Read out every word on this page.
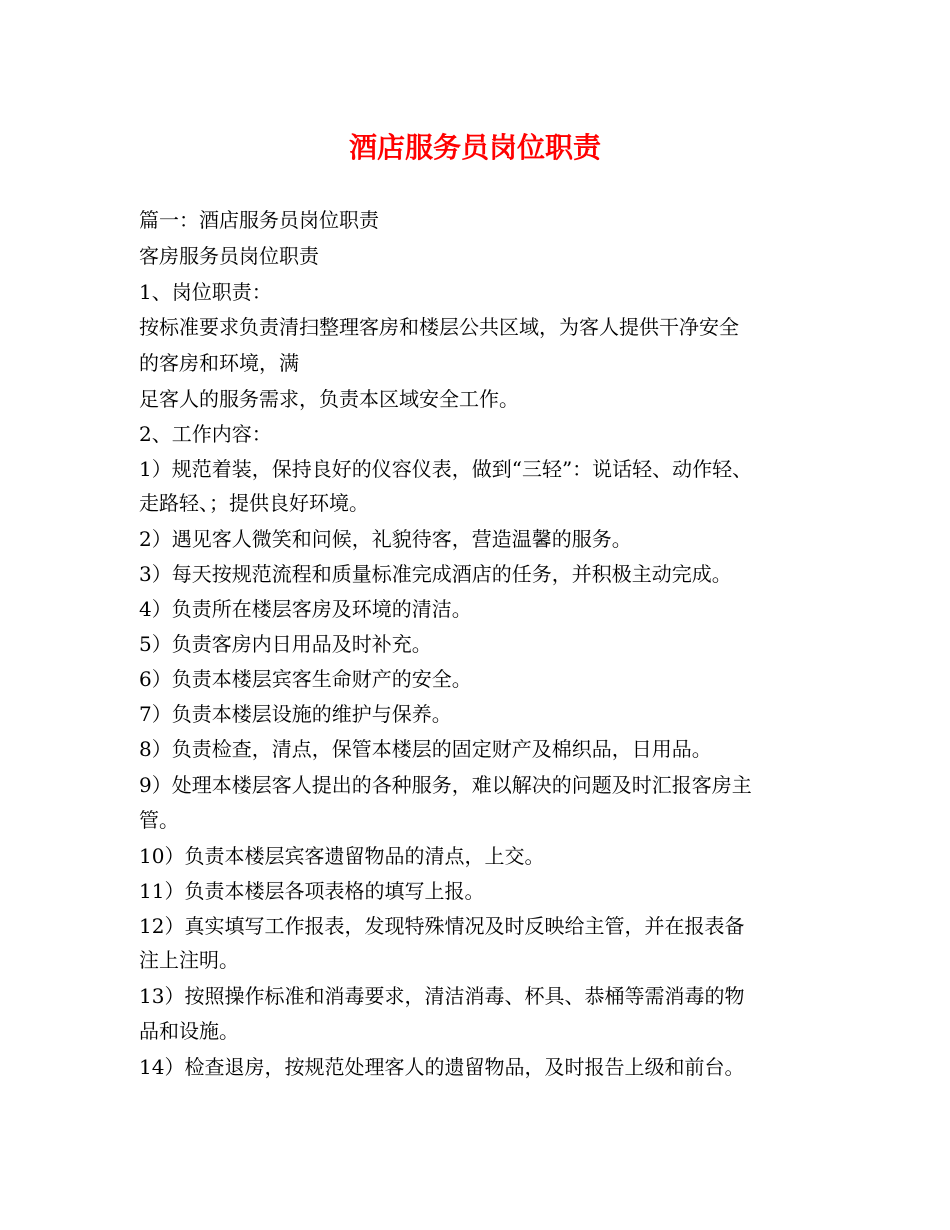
酒店服务员岗位职责

篇一：酒店服务员岗位职责

客房服务员岗位职责

1、岗位职责：

按标准要求负责清扫整理客房和楼层公共区域，为客人提供干净安全

的客房和环境，满

足客人的服务需求，负责本区域安全工作。

2、工作内容：

1）规范着装，保持良好的仪容仪表，做到“三轻”：说话轻、动作轻、

走路轻、；提供良好环境。

2）遇见客人微笑和问候，礼貌待客，营造温馨的服务。

3）每天按规范流程和质量标准完成酒店的任务，并积极主动完成。

4）负责所在楼层客房及环境的清洁。

5）负责客房内日用品及时补充。

6）负责本楼层宾客生命财产的安全。

7）负责本楼层设施的维护与保养。

8）负责检查，清点，保管本楼层的固定财产及棉织品，日用品。

9）处理本楼层客人提出的各种服务，难以解决的问题及时汇报客房主

管。

10）负责本楼层宾客遗留物品的清点，上交。

11）负责本楼层各项表格的填写上报。

12）真实填写工作报表，发现特殊情况及时反映给主管，并在报表备

注上注明。

13）按照操作标准和消毒要求，清洁消毒、杯具、恭桶等需消毒的物

品和设施。

14）检查退房，按规范处理客人的遗留物品，及时报告上级和前台。
